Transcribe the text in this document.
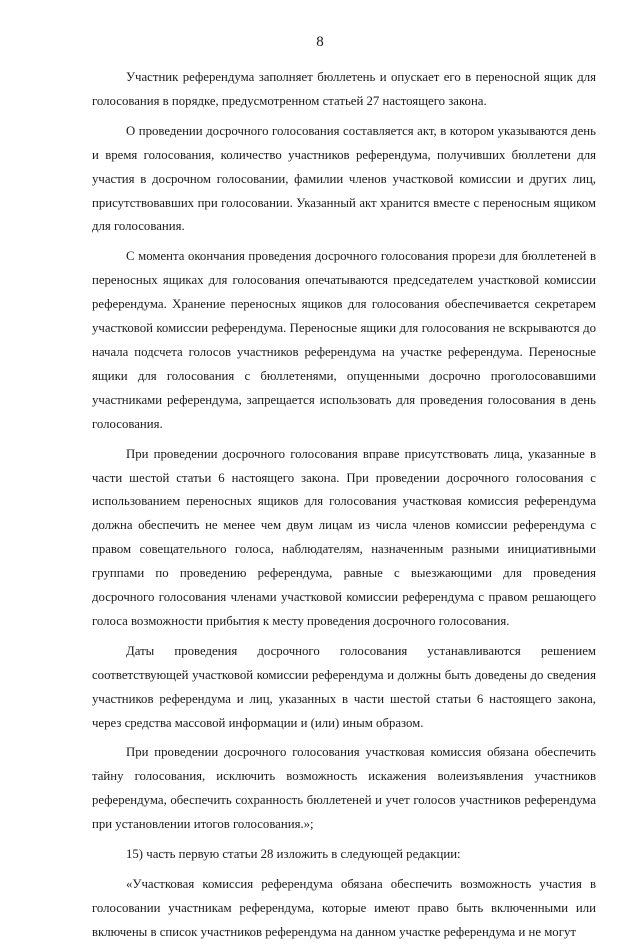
8

Участник референдума заполняет бюллетень и опускает его в переносной ящик для голосования в порядке, предусмотренном статьей 27 настоящего закона.

О проведении досрочного голосования составляется акт, в котором указываются день и время голосования, количество участников референдума, получивших бюллетени для участия в досрочном голосовании, фамилии членов участковой комиссии и других лиц, присутствовавших при голосовании. Указанный акт хранится вместе с переносным ящиком для голосования.

С момента окончания проведения досрочного голосования прорези для бюллетеней в переносных ящиках для голосования опечатываются председателем участковой комиссии референдума. Хранение переносных ящиков для голосования обеспечивается секретарем участковой комиссии референдума. Переносные ящики для голосования не вскрываются до начала подсчета голосов участников референдума на участке референдума. Переносные ящики для голосования с бюллетенями, опущенными досрочно проголосовавшими участниками референдума, запрещается использовать для проведения голосования в день голосования.

При проведении досрочного голосования вправе присутствовать лица, указанные в части шестой статьи 6 настоящего закона. При проведении досрочного голосования с использованием переносных ящиков для голосования участковая комиссия референдума должна обеспечить не менее чем двум лицам из числа членов комиссии референдума с правом совещательного голоса, наблюдателям, назначенным разными инициативными группами по проведению референдума, равные с выезжающими для проведения досрочного голосования членами участковой комиссии референдума с правом решающего голоса возможности прибытия к месту проведения досрочного голосования.

Даты проведения досрочного голосования устанавливаются решением соответствующей участковой комиссии референдума и должны быть доведены до сведения участников референдума и лиц, указанных в части шестой статьи 6 настоящего закона, через средства массовой информации и (или) иным образом.

При проведении досрочного голосования участковая комиссия обязана обеспечить тайну голосования, исключить возможность искажения волеизъявления участников референдума, обеспечить сохранность бюллетеней и учет голосов участников референдума при установлении итогов голосования.»;

15) часть первую статьи 28 изложить в следующей редакции:

«Участковая комиссия референдума обязана обеспечить возможность участия в голосовании участникам референдума, которые имеют право быть включенными или включены в список участников референдума на данном участке референдума и не могут
